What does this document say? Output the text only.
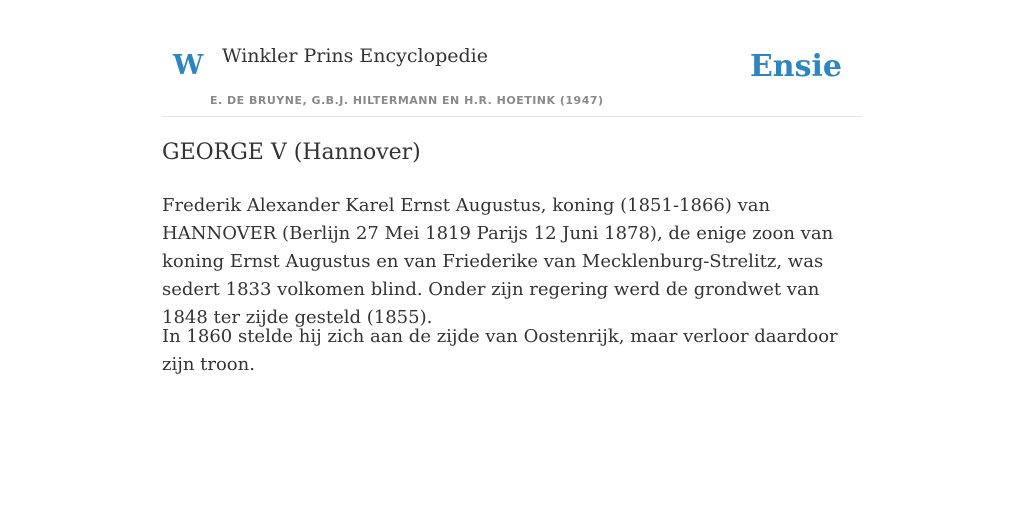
W Winkler Prins Encyclopedie
E. DE BRUYNE, G.B.J. HILTERMANN EN H.R. HOETINK (1947)
Ensie
GEORGE V (Hannover)

Frederik Alexander Karel Ernst Augustus, koning (1851-1866) van HANNOVER (Berlijn 27 Mei 1819 Parijs 12 Juni 1878), de enige zoon van koning Ernst Augustus en van Friederike van Mecklenburg-Strelitz, was sedert 1833 volkomen blind. Onder zijn regering werd de grondwet van 1848 ter zijde gesteld (1855).

In 1860 stelde hij zich aan de zijde van Oostenrijk, maar verloor daardoor zijn troon.
